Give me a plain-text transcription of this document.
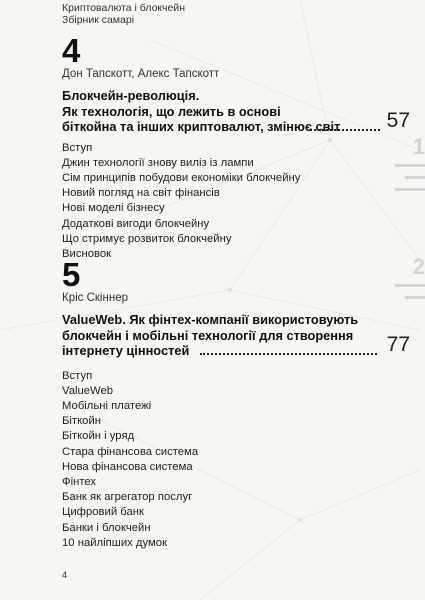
1
▬▬▬
▬▬
▬▬▬
2
▬▬▬
▬▬
Криптовалюта і блокчейн
Збірник самарі
4
Дон Тапскотт, Алекс Тапскотт
Блокчейн-революція.
Як технологія, що лежить в основі
біткойна та інших криптовалют, змінює світ	57
Вступ
Джин технології знову вилiз із лампи
Сім принципів побудови економіки блокчейну
Новий погляд на світ фінансів
Нові моделі бізнесу
Додаткові вигоди блокчейну
Що стримує розвиток блокчейну
Висновок
5
Кріс Скіннер
ValueWeb. Як фінтех-компанії використовують
блокчейн і мобільні технології для створення
інтернету цінностей	77
Вступ
ValueWeb
Мобільні платежі
Біткойн
Біткойн і уряд
Стара фінансова система
Нова фінансова система
Фінтех
Банк як агрегатор послуг
Цифровий банк
Банки і блокчейн
10 найліпших думок
4
